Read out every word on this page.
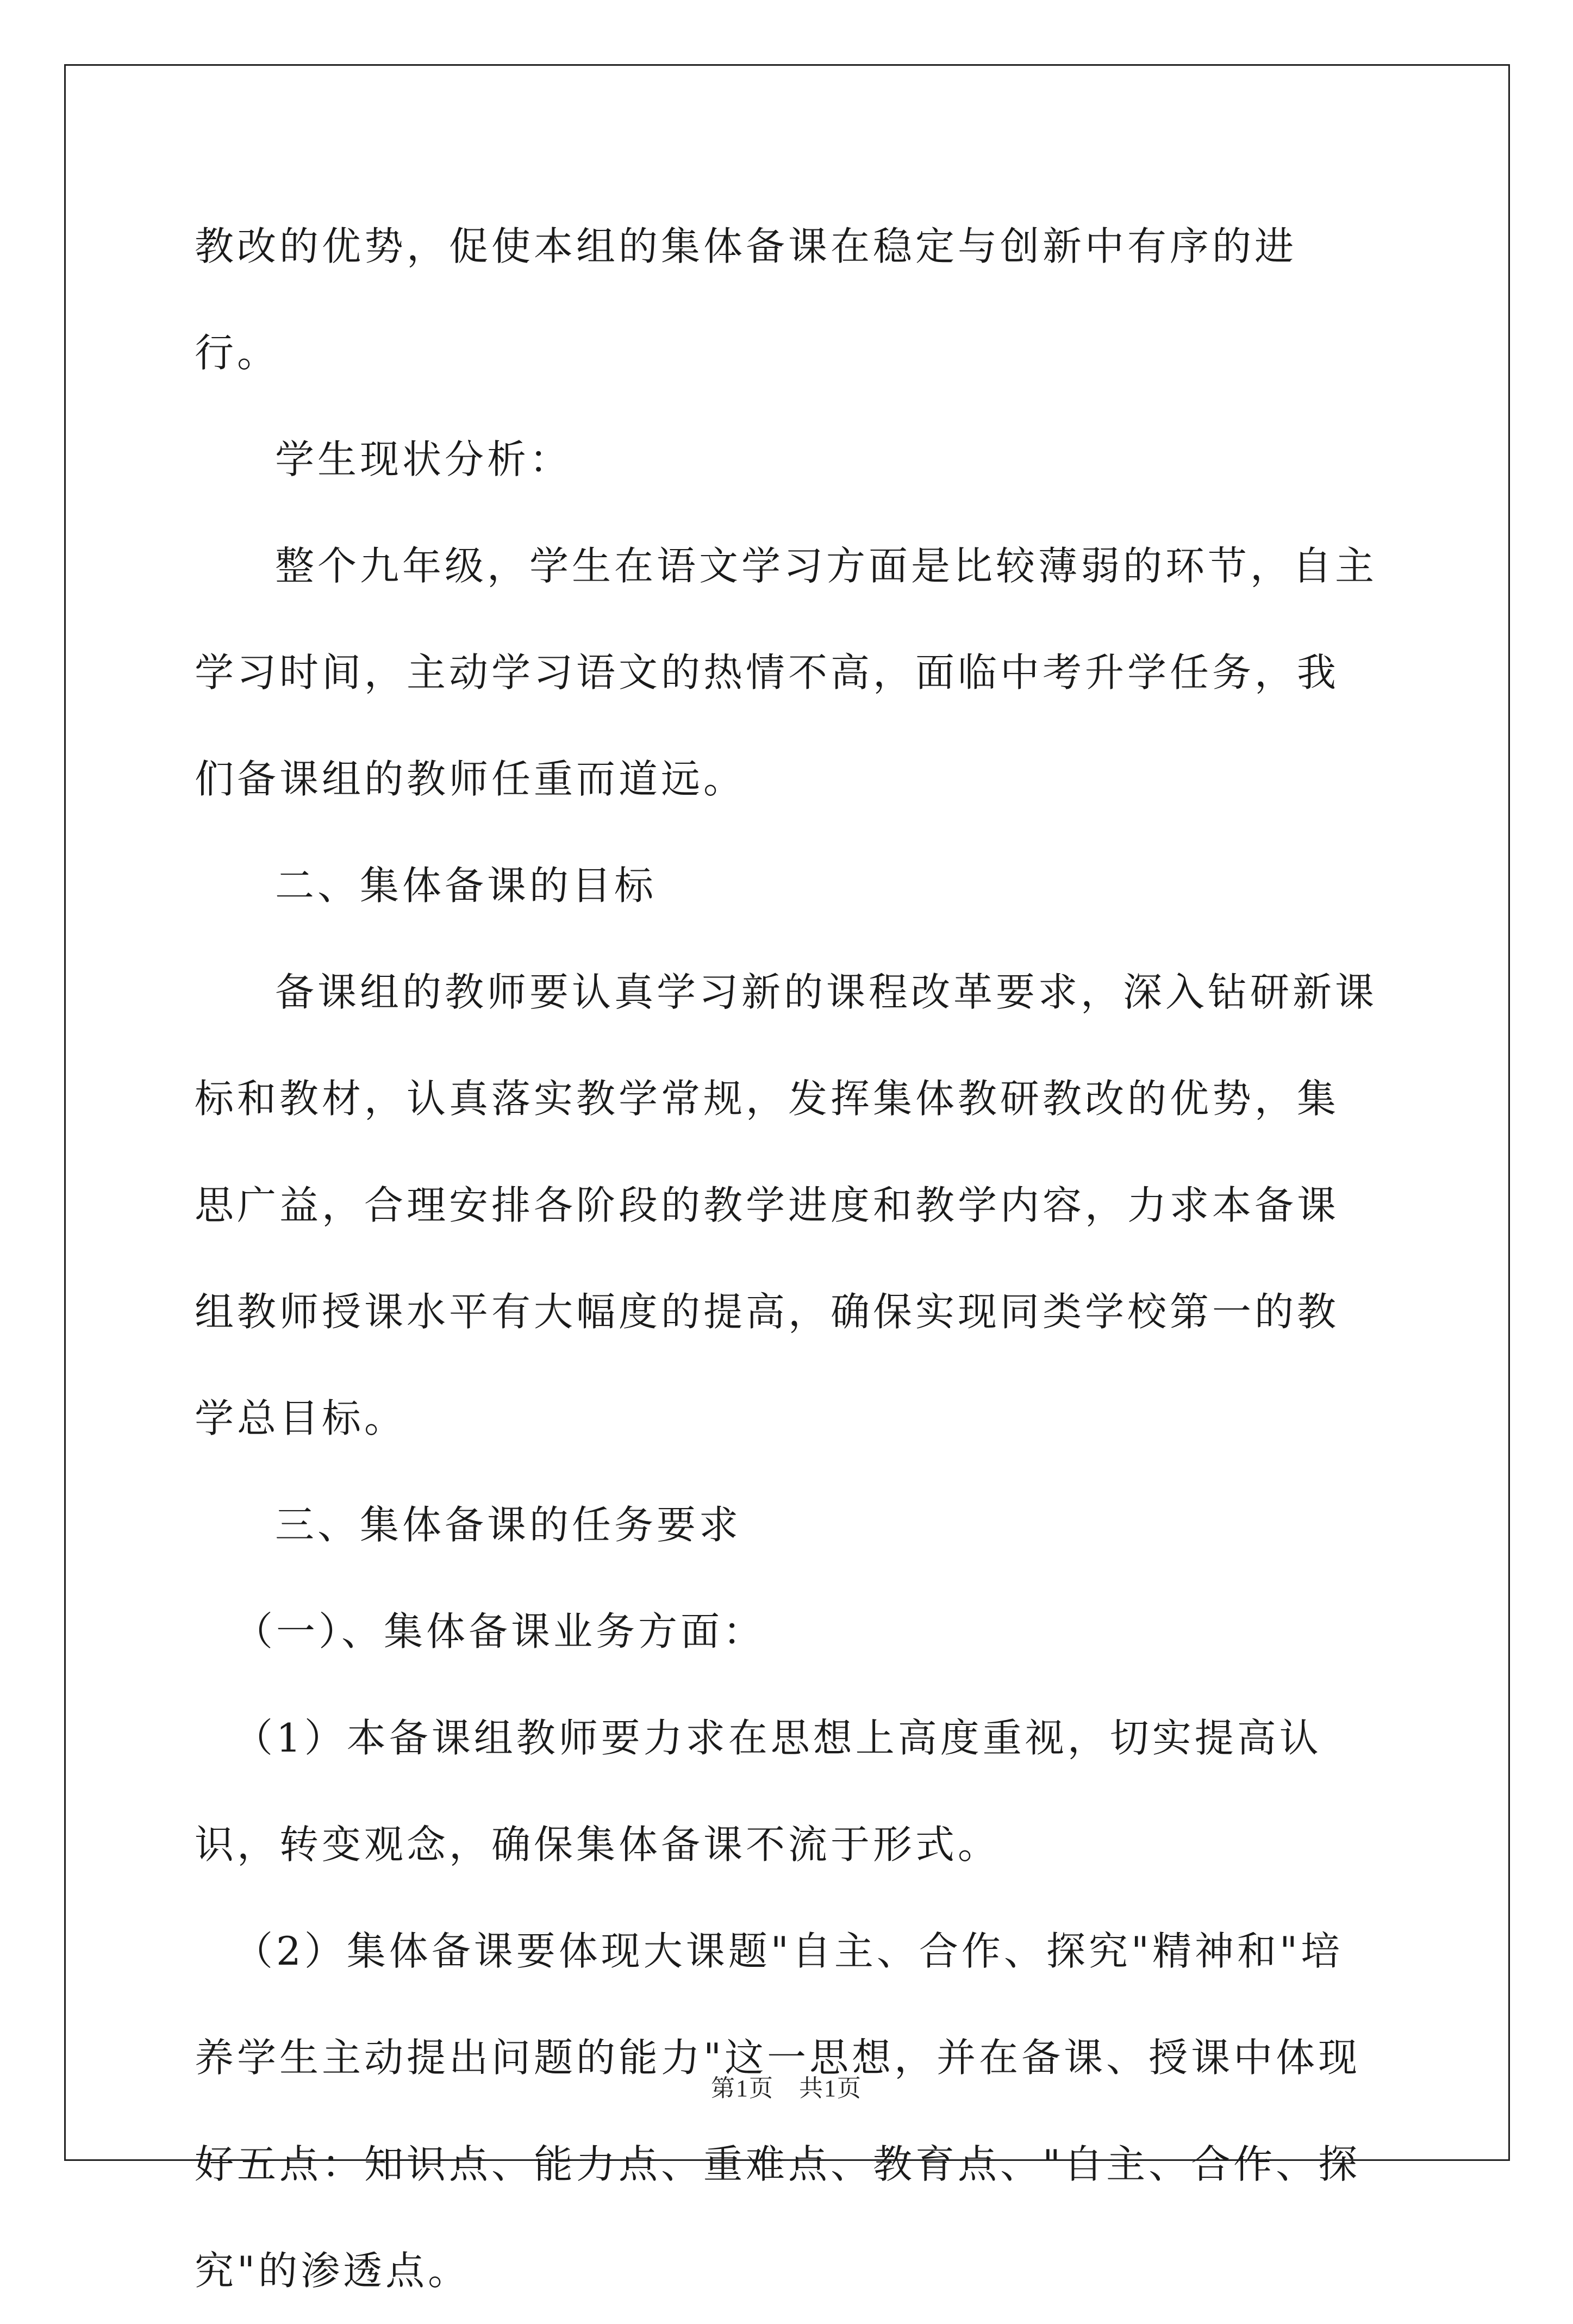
教改的优势，促使本组的集体备课在稳定与创新中有序的进行。

学生现状分析：

整个九年级，学生在语文学习方面是比较薄弱的环节，自主学习时间，主动学习语文的热情不高，面临中考升学任务，我们备课组的教师任重而道远。

二、集体备课的目标

备课组的教师要认真学习新的课程改革要求，深入钻研新课标和教材，认真落实教学常规，发挥集体教研教改的优势，集思广益，合理安排各阶段的教学进度和教学内容，力求本备课组教师授课水平有大幅度的提高，确保实现同类学校第一的教学总目标。

三、集体备课的任务要求

（一）、集体备课业务方面：

（1）本备课组教师要力求在思想上高度重视，切实提高认识，转变观念，确保集体备课不流于形式。

（2）集体备课要体现大课题"自主、合作、探究"精神和"培养学生主动提出问题的能力"这一思想，并在备课、授课中体现好五点：知识点、能力点、重难点、教育点、"自主、合作、探究"的渗透点。

第1页　共1页
